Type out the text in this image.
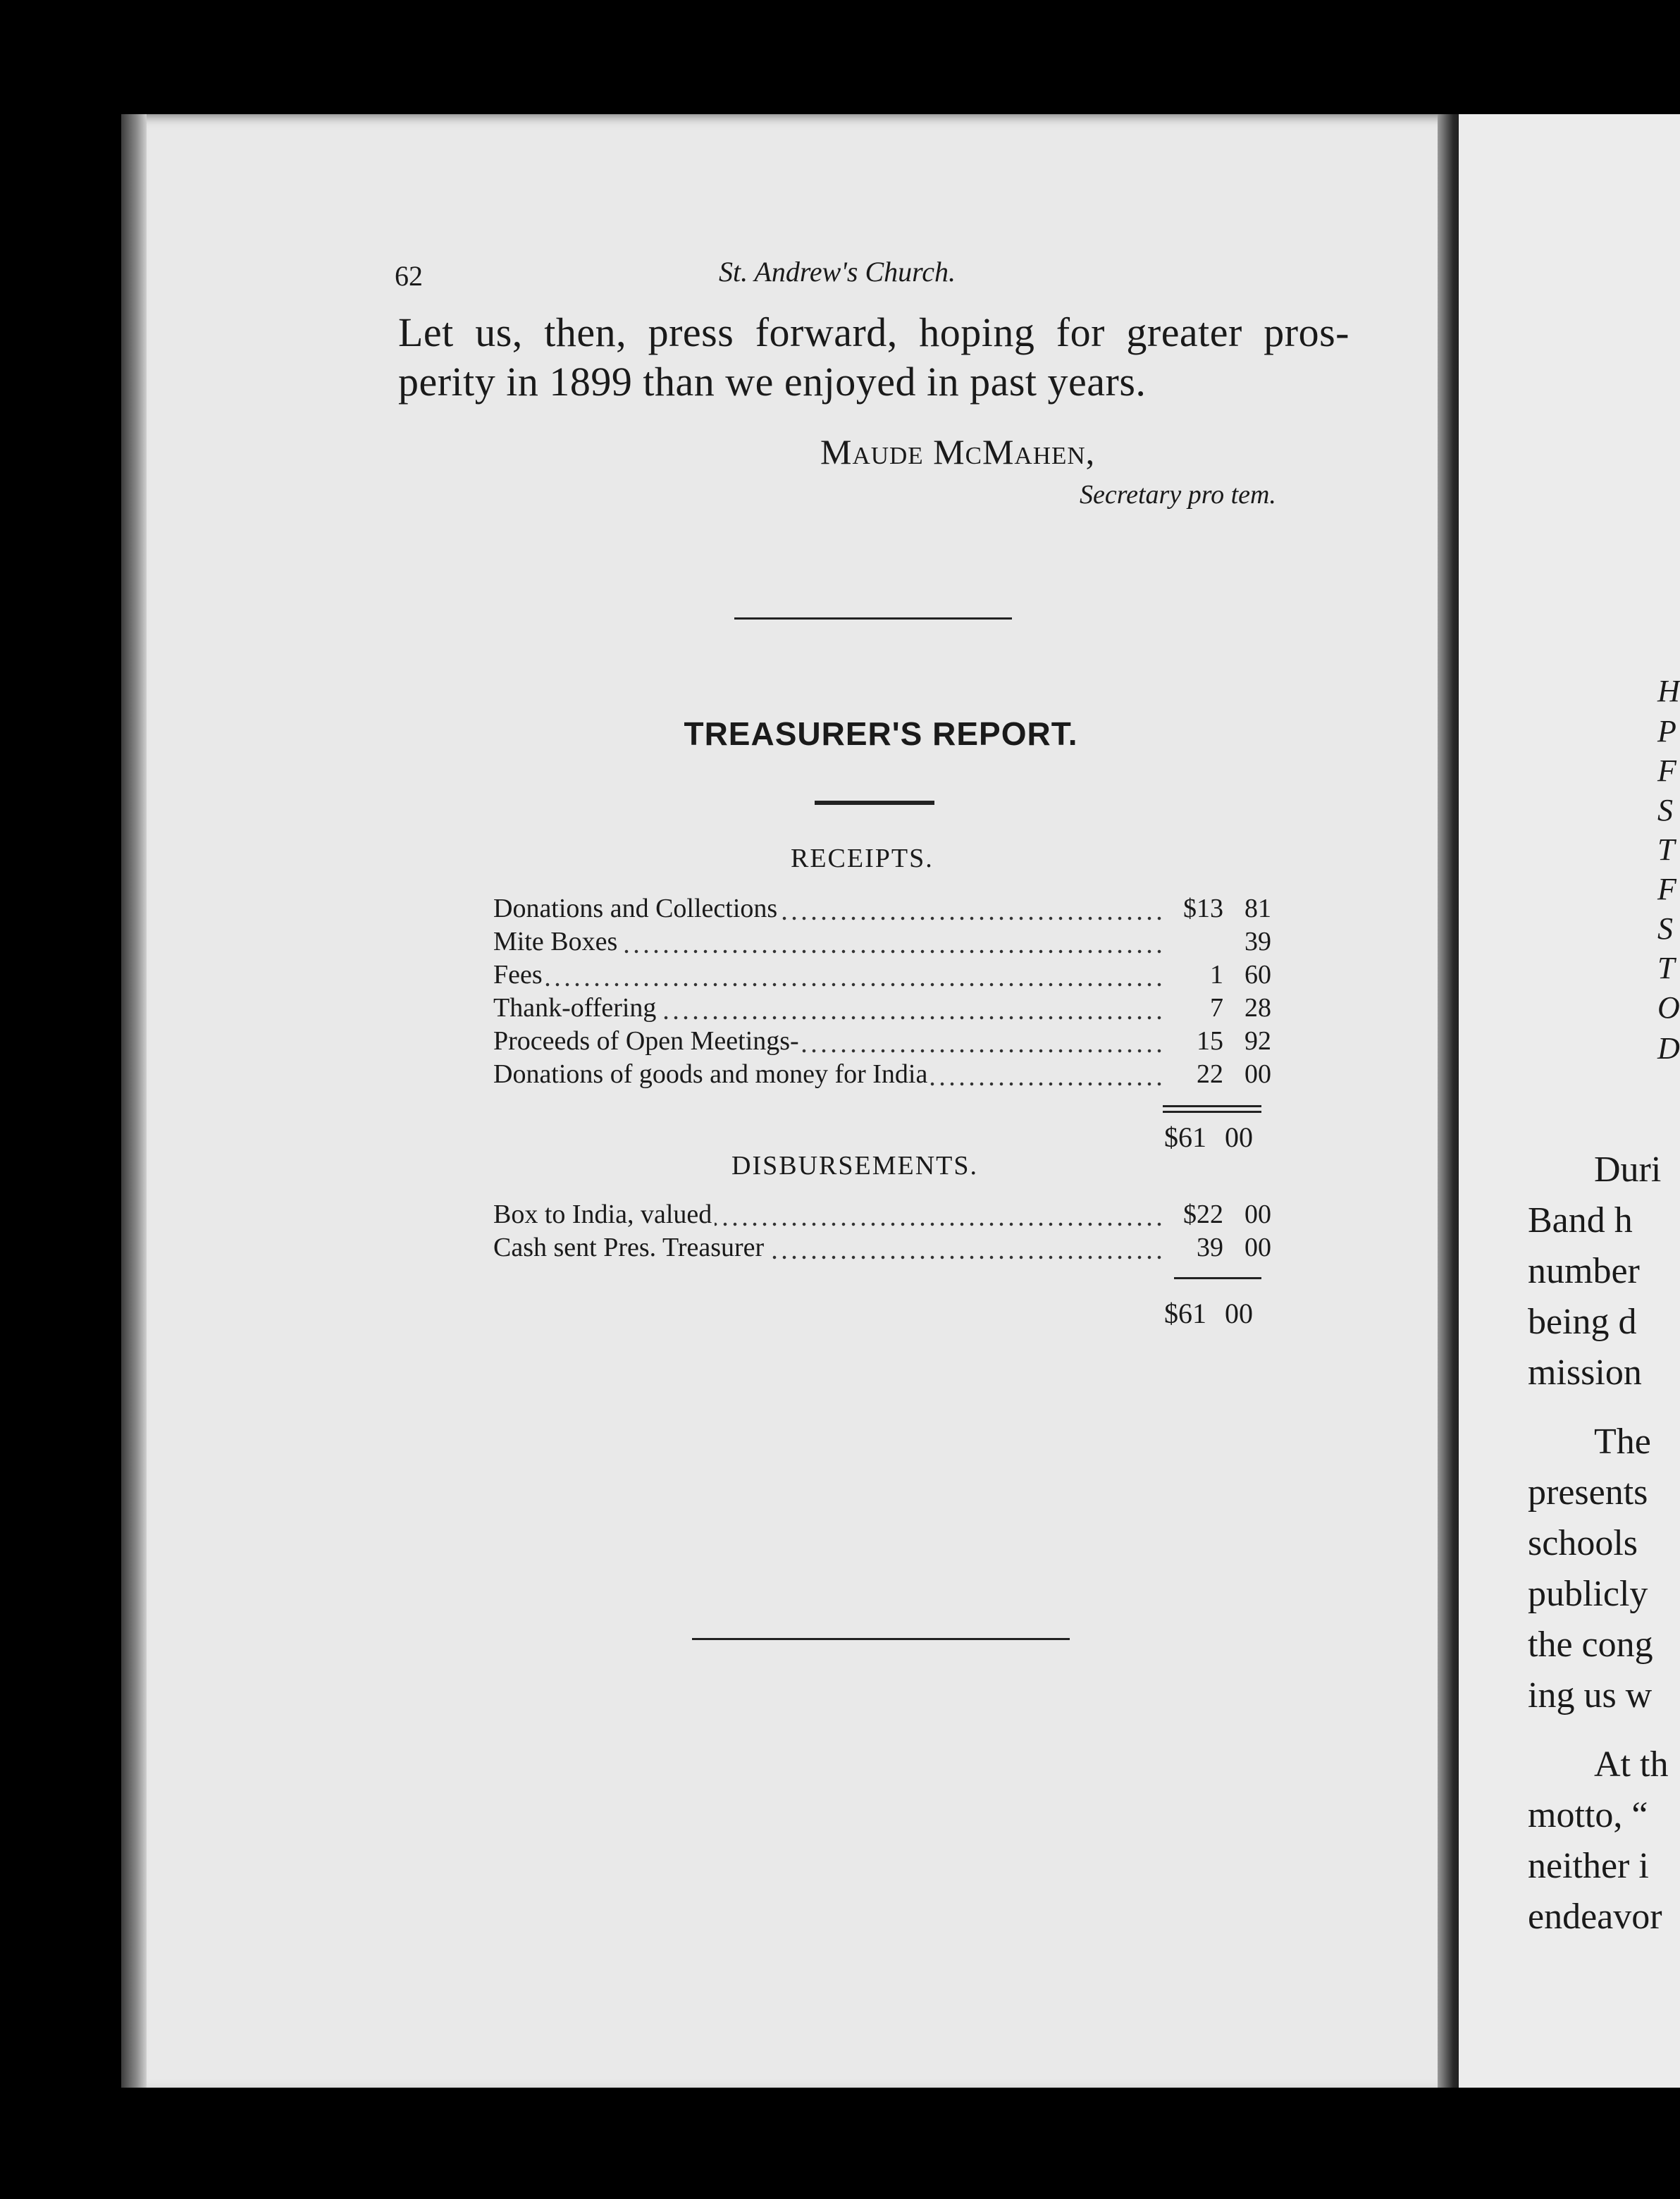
62	St. Andrew's Church.
Let us, then, press forward, hoping for greater pros-
perity in 1899 than we enjoyed in past years.
Maude McMahen,
Secretary pro tem.
TREASURER'S REPORT.
RECEIPTS.
Donations and Collections	$13	81
Mite Boxes		39
Fees	1	60
Thank-offering	7	28
Proceeds of Open Meetings-	15	92
Donations of goods and money for India	22	00
$61 00
DISBURSEMENTS.
Box to India, valued	$22	00
Cash sent Pres. Treasurer	39	00
$61 00
H
P
F
S
T
F
S
T
O
D
Duri
Band h
number
being d
mission
The
presents
schools
publicly
the cong
ing us w
At th
motto, “
neither i
endeavor
